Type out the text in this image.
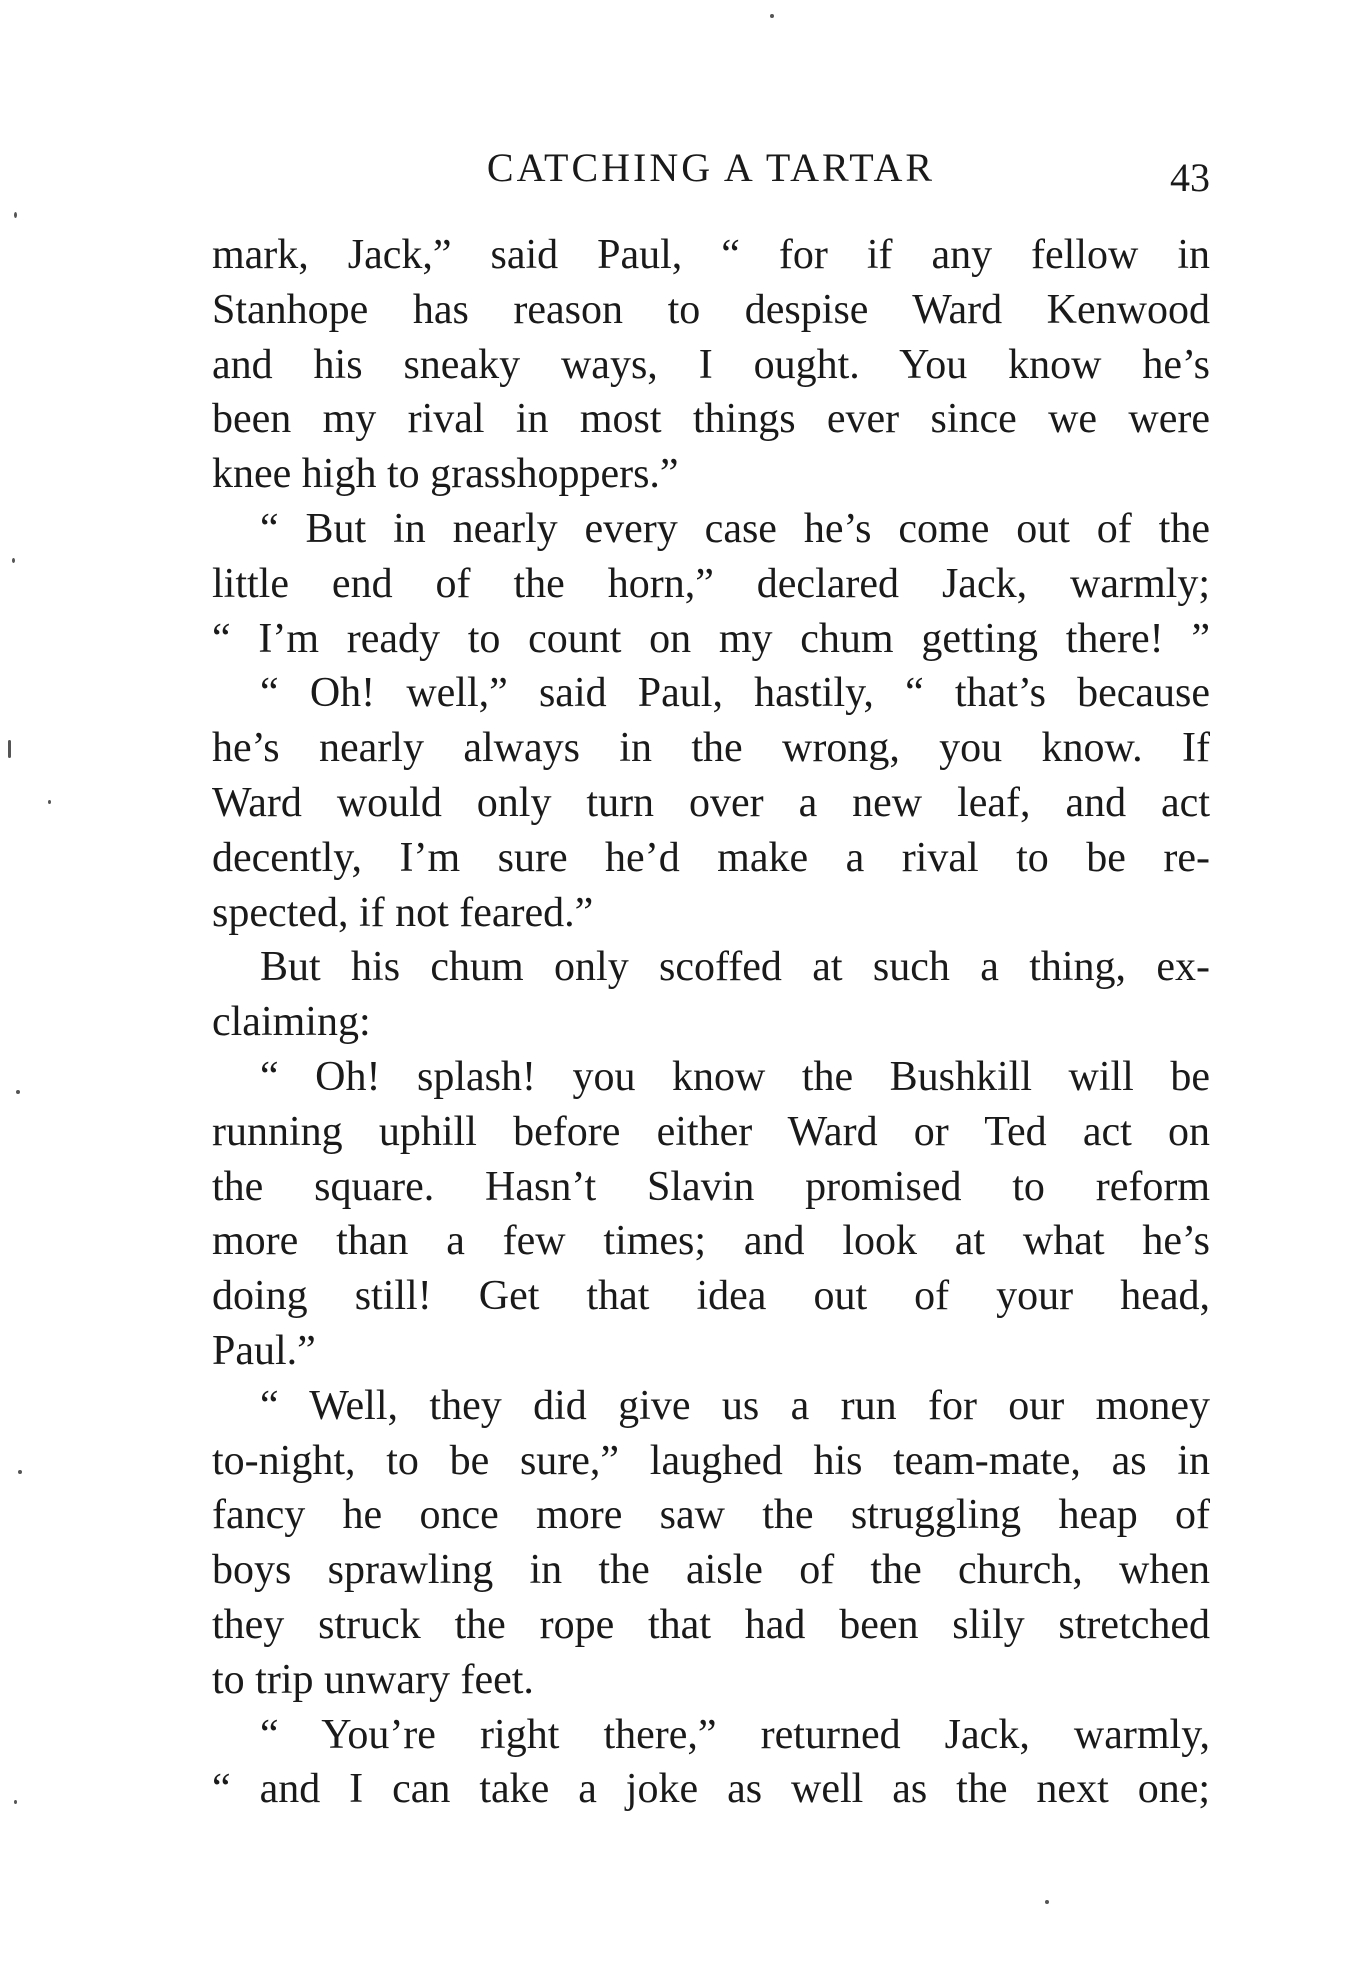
CATCHING A TARTAR	43
mark, Jack,” said Paul, “ for if any fellow in
Stanhope has reason to despise Ward Kenwood
and his sneaky ways, I ought. You know he’s
been my rival in most things ever since we were
knee high to grasshoppers.”
“ But in nearly every case he’s come out of the
little end of the horn,” declared Jack, warmly;
“ I’m ready to count on my chum getting there! ”
“ Oh! well,” said Paul, hastily, “ that’s because
he’s nearly always in the wrong, you know. If
Ward would only turn over a new leaf, and act
decently, I’m sure he’d make a rival to be re-
spected, if not feared.”
But his chum only scoffed at such a thing, ex-
claiming:
“ Oh! splash! you know the Bushkill will be
running uphill before either Ward or Ted act on
the square. Hasn’t Slavin promised to reform
more than a few times; and look at what he’s
doing still! Get that idea out of your head,
Paul.”
“ Well, they did give us a run for our money
to-night, to be sure,” laughed his team-mate, as in
fancy he once more saw the struggling heap of
boys sprawling in the aisle of the church, when
they struck the rope that had been slily stretched
to trip unwary feet.
“ You’re right there,” returned Jack, warmly,
“ and I can take a joke as well as the next one;
